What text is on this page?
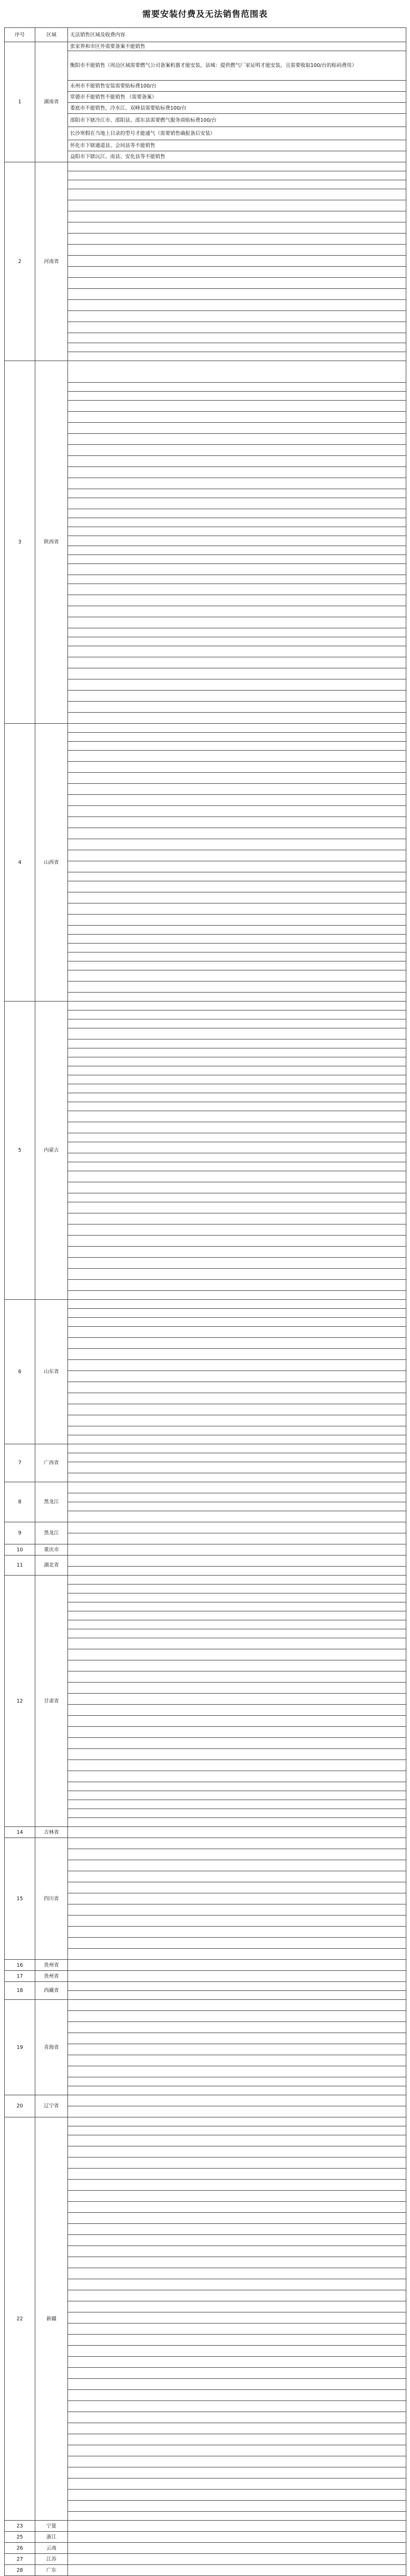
需要安装付费及无法销售范围表
序号	区域	无法销售区域及收费内容
1	湖南省	张家界和市区外需要备案不能销售
		衡阳市不能销售（周边区域需要燃气公司备案机器才能安装，县城：提供燃气厂家证明才能安装，且需要收取100/台的贴码费用）
		永州市不能销售安装需要贴标费100/台
		常德市不能销售不能销售 （需要备案）
		娄底市不能销售，冷水江、双峰县需要贴标费100/台
		邵阳市下辖冷江市、邵阳县、邵东县需要燃气服务商贴标费100/台
		长沙寒假在当地上目录的型号才能通气（需要销售确报备后安装）
		怀化市下辖通道县、会同县等不能销售
		益阳市下辖沅江、南县、安化县等不能销售
2	河南省	

3	陕西省	

4	山西省	

5	内蒙古	

6	山东省	

7	广西省	

8	黑龙江	

9	黑龙江	

10	重庆市	
11	湖北省	

12	甘肃省	

14	吉林省	
15	四川省	

16	贵州省	
17	贵州省	
18	西藏省	

19	青海省	

20	辽宁省	

22	新疆	

23	宁夏	
25	浙江	
26	云南	
27	江苏	
28	广东	
